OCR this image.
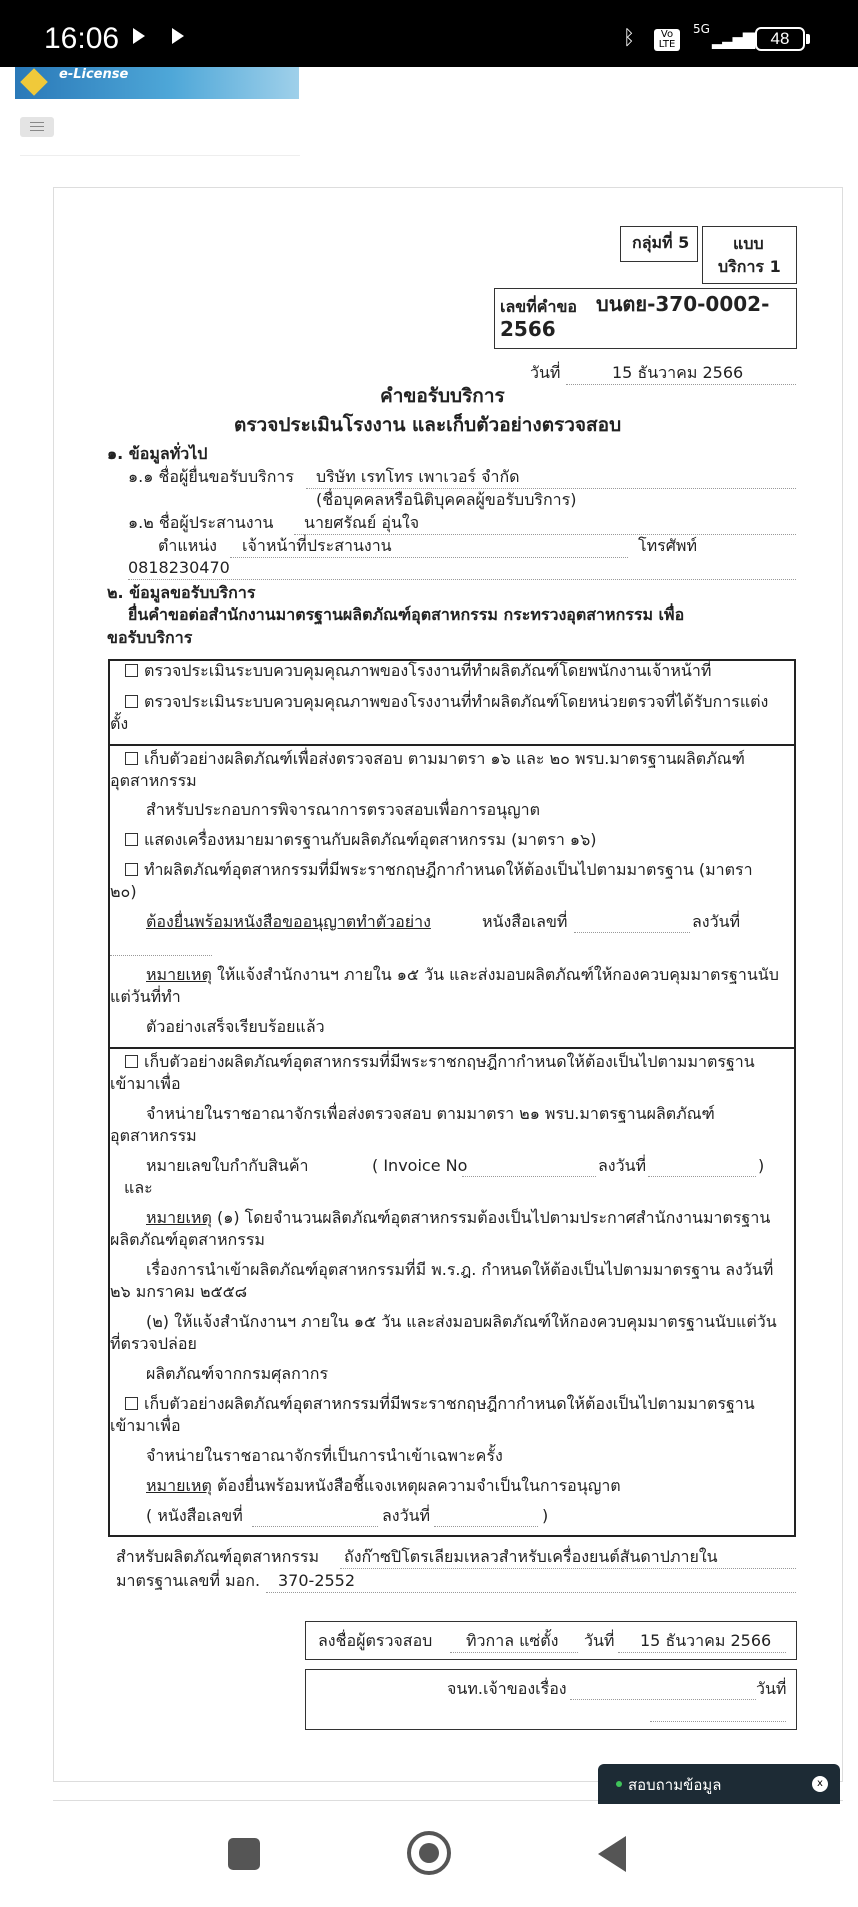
16:06	ᛒ	Vo LTE
5G
▂▃▅▇	48
e-License
กลุ่มที่ 5	แบบ
บริการ 1
เลขที่คำขอ บนตย-370-0002-
2566
วันที่	15 ธันวาคม 2566
คำขอรับบริการ
ตรวจประเมินโรงงาน และเก็บตัวอย่างตรวจสอบ
๑. ข้อมูลทั่วไป
๑.๑ ชื่อผู้ยื่นขอรับบริการ	บริษัท เรทโทร เพาเวอร์ จำกัด
(ชื่อบุคคลหรือนิติบุคคลผู้ขอรับบริการ)
๑.๒ ชื่อผู้ประสานงาน	นายศรัณย์ อุ่นใจ
ตำแหน่ง	เจ้าหน้าที่ประสานงาน	โทรศัพท์
0818230470
๒. ข้อมูลขอรับบริการ
ยื่นคำขอต่อสำนักงานมาตรฐานผลิตภัณฑ์อุตสาหกรรม กระทรวงอุตสาหกรรม เพื่อ
ขอรับบริการ
ตรวจประเมินระบบควบคุมคุณภาพของโรงงานที่ทำผลิตภัณฑ์โดยพนักงานเจ้าหน้าที่
ตรวจประเมินระบบควบคุมคุณภาพของโรงงานที่ทำผลิตภัณฑ์โดยหน่วยตรวจที่ได้รับการแต่ง
ตั้ง
เก็บตัวอย่างผลิตภัณฑ์เพื่อส่งตรวจสอบ ตามมาตรา ๑๖ และ ๒๐ พรบ.มาตรฐานผลิตภัณฑ์
อุตสาหกรรม
สำหรับประกอบการพิจารณาการตรวจสอบเพื่อการอนุญาต
แสดงเครื่องหมายมาตรฐานกับผลิตภัณฑ์อุตสาหกรรม (มาตรา ๑๖)
ทำผลิตภัณฑ์อุตสาหกรรมที่มีพระราชกฤษฎีกากำหนดให้ต้องเป็นไปตามมาตรฐาน (มาตรา
๒๐)
ต้องยื่นพร้อมหนังสือขออนุญาตทำตัวอย่าง	หนังสือเลขที่	ลงวันที่
หมายเหตุ ให้แจ้งสำนักงานฯ ภายใน ๑๕ วัน และส่งมอบผลิตภัณฑ์ให้กองควบคุมมาตรฐานนับ
แต่วันที่ทำ
ตัวอย่างเสร็จเรียบร้อยแล้ว
เก็บตัวอย่างผลิตภัณฑ์อุตสาหกรรมที่มีพระราชกฤษฎีกากำหนดให้ต้องเป็นไปตามมาตรฐาน
เข้ามาเพื่อ
จำหน่ายในราชอาณาจักรเพื่อส่งตรวจสอบ ตามมาตรา ๒๑ พรบ.มาตรฐานผลิตภัณฑ์
อุตสาหกรรม
หมายเลขใบกำกับสินค้า	( Invoice No	ลงวันที่	)
และ
หมายเหตุ (๑) โดยจำนวนผลิตภัณฑ์อุตสาหกรรมต้องเป็นไปตามประกาศสำนักงานมาตรฐาน
ผลิตภัณฑ์อุตสาหกรรม
เรื่องการนำเข้าผลิตภัณฑ์อุตสาหกรรมที่มี พ.ร.ฎ. กำหนดให้ต้องเป็นไปตามมาตรฐาน ลงวันที่
๒๖ มกราคม ๒๕๕๘
(๒) ให้แจ้งสำนักงานฯ ภายใน ๑๕ วัน และส่งมอบผลิตภัณฑ์ให้กองควบคุมมาตรฐานนับแต่วัน
ที่ตรวจปล่อย
ผลิตภัณฑ์จากกรมศุลกากร
เก็บตัวอย่างผลิตภัณฑ์อุตสาหกรรมที่มีพระราชกฤษฎีกากำหนดให้ต้องเป็นไปตามมาตรฐาน
เข้ามาเพื่อ
จำหน่ายในราชอาณาจักรที่เป็นการนำเข้าเฉพาะครั้ง
หมายเหตุ ต้องยื่นพร้อมหนังสือชี้แจงเหตุผลความจำเป็นในการอนุญาต
( หนังสือเลขที่	ลงวันที่	)
สำหรับผลิตภัณฑ์อุตสาหกรรม ถังก๊าซปิโตรเลียมเหลวสำหรับเครื่องยนต์สันดาปภายใน
มาตรฐานเลขที่ มอก.	370-2552
ลงชื่อผู้ตรวจสอบ	ทิวกาล แซ่ตั้ง	วันที่	15 ธันวาคม 2566
จนท.เจ้าของเรื่อง	วันที่
สอบถามข้อมูล	x
